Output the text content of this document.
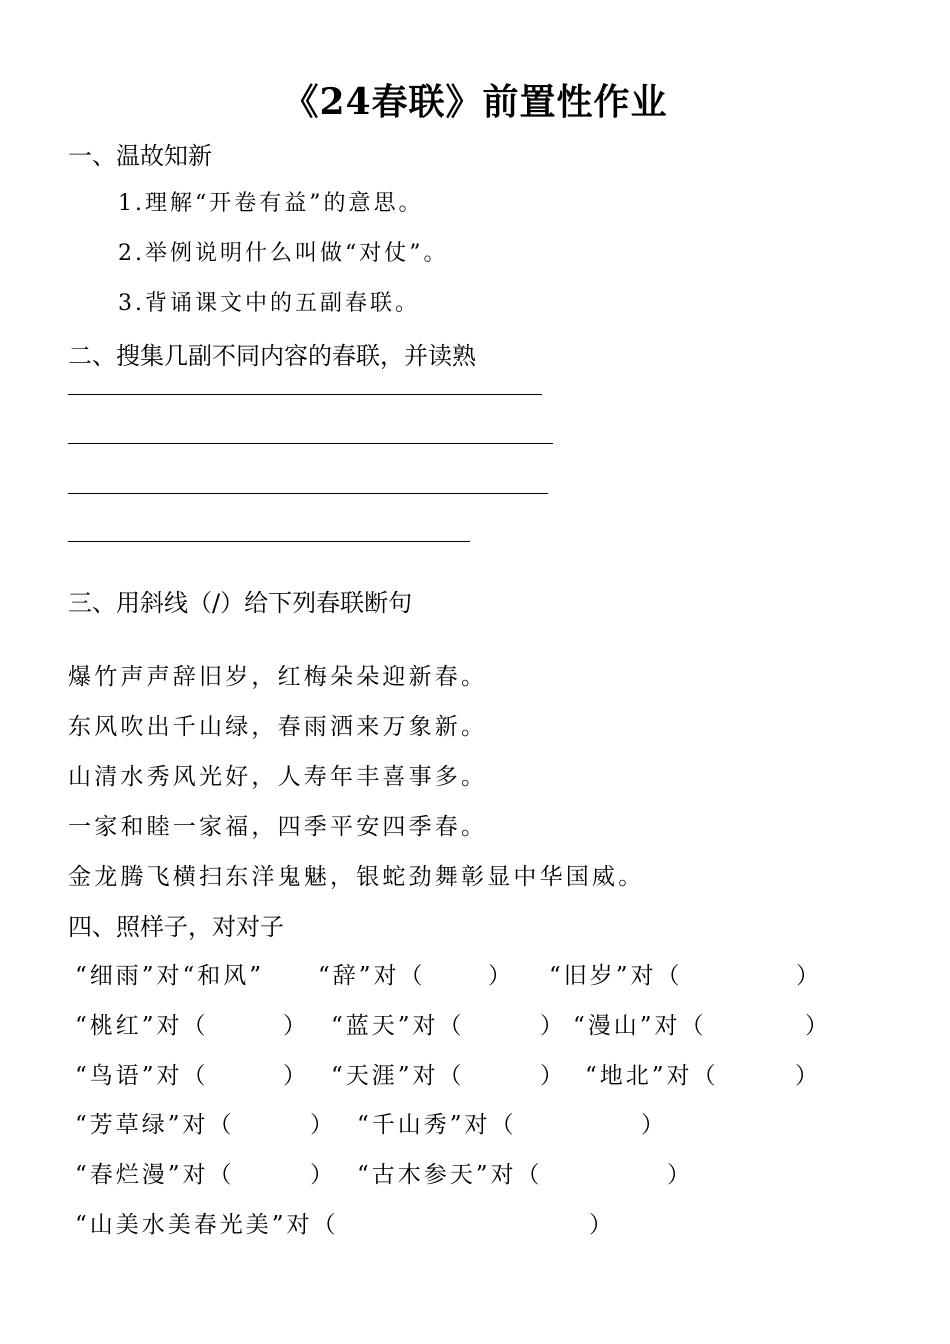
《24春联》前置性作业
一、温故知新
1.理解“开卷有益”的意思。
2.举例说明什么叫做“对仗”。
3.背诵课文中的五副春联。
二、搜集几副不同内容的春联，并读熟
三、用斜线（/）给下列春联断句
爆竹声声辞旧岁，红梅朵朵迎新春。
东风吹出千山绿，春雨洒来万象新。
山清水秀风光好，人寿年丰喜事多。
一家和睦一家福，四季平安四季春。
金龙腾飞横扫东洋鬼魅，银蛇劲舞彰显中华国威。
四、照样子，对对子
“细雨”对“和风” “辞”对（	） “旧岁”对（	）
“桃红”对（	） “蓝天”对（	） “漫山”对（	）
“鸟语”对（	） “天涯”对（	） “地北”对（	）
“芳草绿”对（	） “千山秀”对（	）
“春烂漫”对（	） “古木参天”对（	）
“山美水美春光美”对（	）
